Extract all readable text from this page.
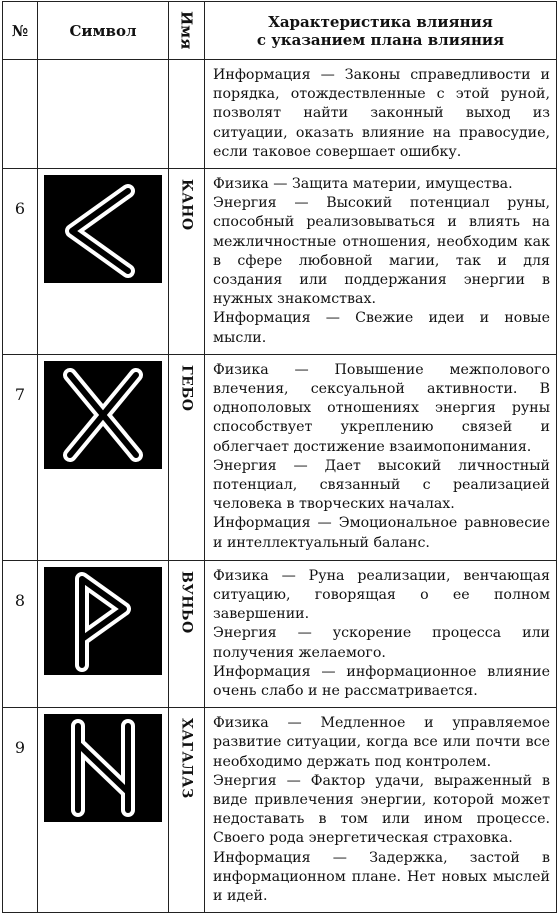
№	Символ	Имя	Характеристика влияния
с указанием плана влияния

			Информация — Законы справедливости и порядка, отождествленные с этой руной, позволят найти законный выход из ситуации, оказать влияние на правосудие, если таковое совершает ошибку.

6		КАНО	Физика — Защита материи, имущества.

Энергия — Высокий потенциал руны, способный реализовываться и влиять на межличностные отношения, необходим как в сфере любовной магии, так и для создания или поддержания энергии в нужных знакомствах.

Информация — Свежие идеи и новые мысли.

7		ГЕБО	Физика — Повышение межполового влечения, сексуальной активности. В однополовых отношениях энергия руны способствует укреплению связей и облегчает достижение взаимопонимания.

Энергия — Дает высокий личностный потенциал, связанный с реализацией человека в творческих началах.

Информация — Эмоциональное равновесие и интеллектуальный баланс.

8		ВУНЬО	Физика — Руна реализации, венчающая ситуацию, говорящая о ее полном завершении.

Энергия — ускорение процесса или получения желаемого.

Информация — информационное влияние очень слабо и не рассматривается.

9		ХАГАЛАЗ	Физика — Медленное и управляемое развитие ситуации, когда все или почти все необходимо держать под контролем.

Энергия — Фактор удачи, выраженный в виде привлечения энергии, которой может недоставать в том или ином процессе. Своего рода энергетическая страховка.

Информация — Задержка, застой в информационном плане. Нет новых мыслей и идей.
